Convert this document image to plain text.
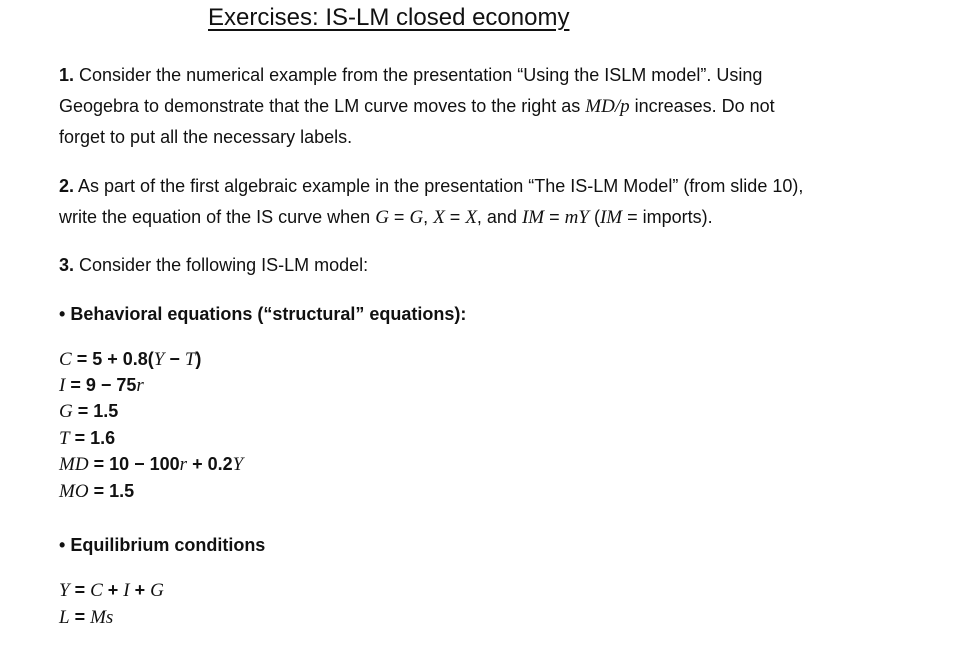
Exercises: IS-LM closed economy
1. Consider the numerical example from the presentation “Using the ISLM model”. Using
Geogebra to demonstrate that the LM curve moves to the right as MD/p increases. Do not
forget to put all the necessary labels.
2. As part of the first algebraic example in the presentation “The IS-LM Model” (from slide 10),
write the equation of the IS curve when G = G, X = X, and IM = mY (IM = imports).
3. Consider the following IS-LM model:
• Behavioral equations (“structural” equations):
C = 5 + 0.8(Y − T)
I = 9 − 75r
G = 1.5
T = 1.6
MD = 10 − 100r + 0.2Y
MO = 1.5
• Equilibrium conditions
Y = C + I + G
L = Ms
